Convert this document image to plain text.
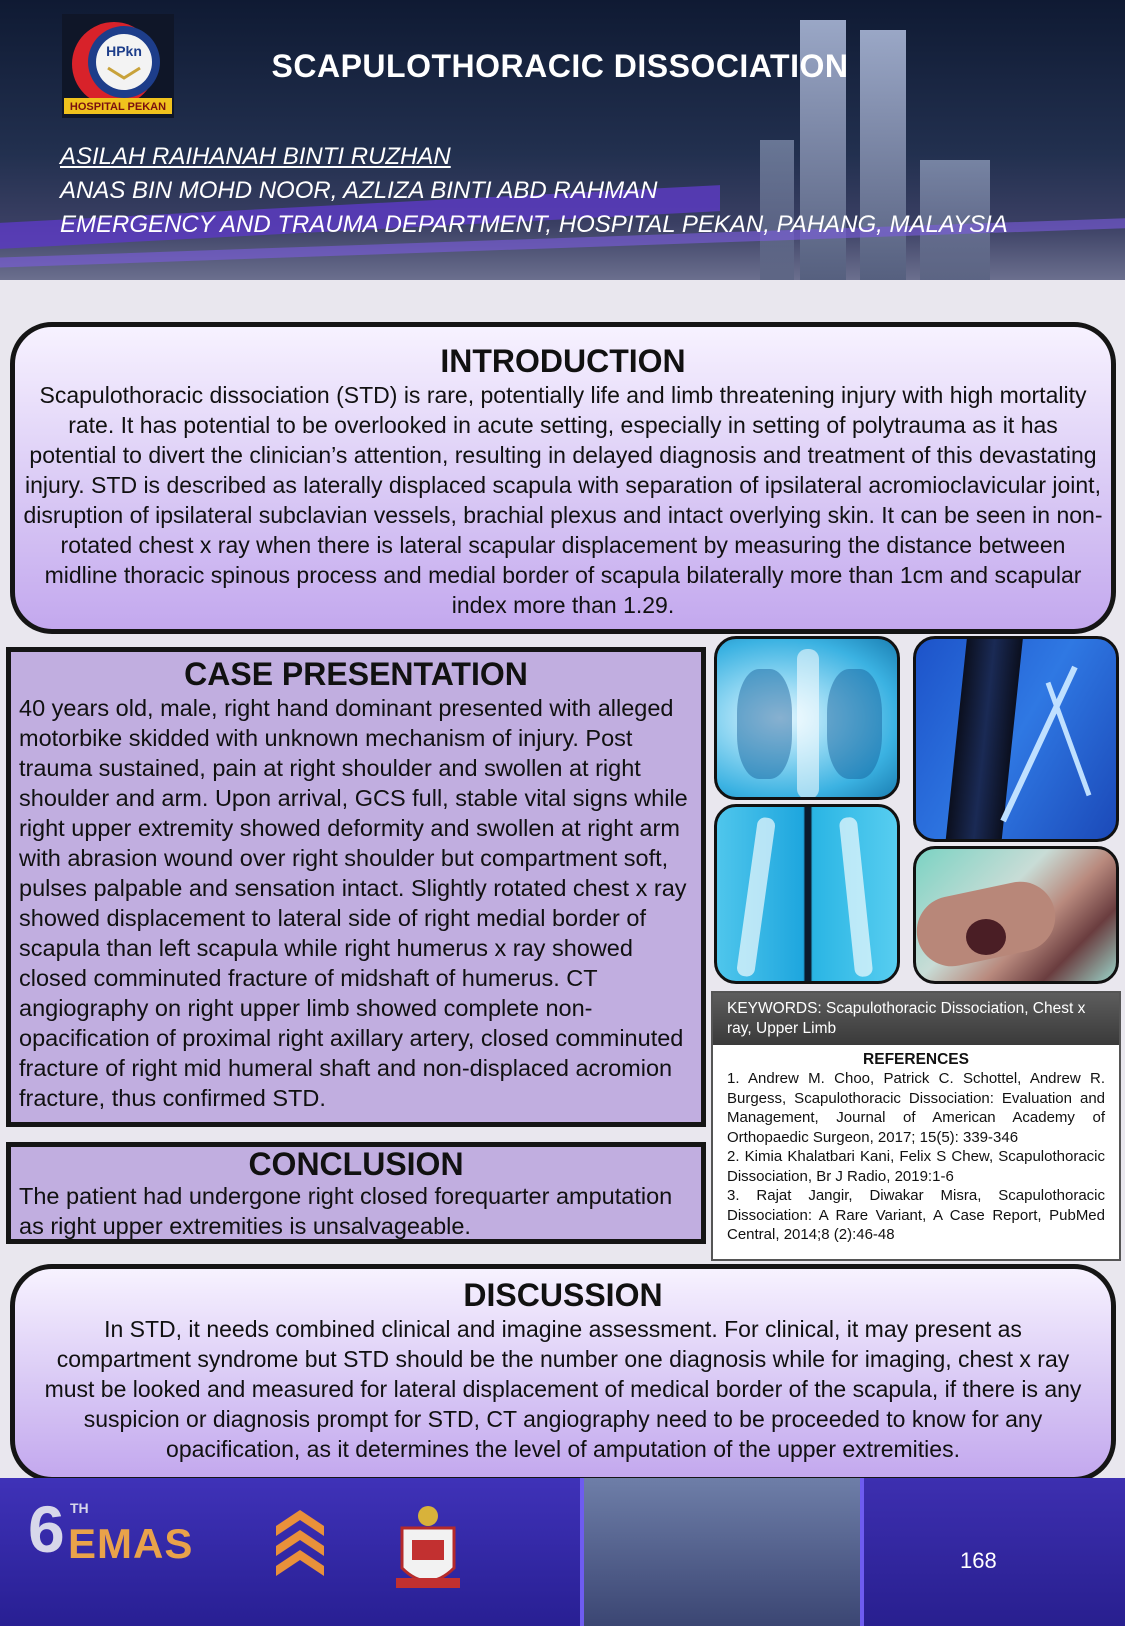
HPkn
HOSPITAL PEKAN
SCAPULOTHORACIC DISSOCIATION
ASILAH RAIHANAH BINTI RUZHAN
ANAS BIN MOHD NOOR, AZLIZA BINTI ABD RAHMAN
EMERGENCY AND TRAUMA DEPARTMENT, HOSPITAL PEKAN, PAHANG, MALAYSIA
INTRODUCTION

Scapulothoracic dissociation (STD) is rare, potentially life and limb threatening injury with high mortality rate. It has potential to be overlooked in acute setting, especially in setting of polytrauma as it has potential to divert the clinician’s attention, resulting in delayed diagnosis and treatment of this devastating injury. STD is described as laterally displaced scapula with separation of ipsilateral acromioclavicular joint, disruption of ipsilateral subclavian vessels, brachial plexus and intact overlying skin. It can be seen in non-rotated chest x ray when there is lateral scapular displacement by measuring the distance between midline thoracic spinous process and medial border of scapula bilaterally more than 1cm and scapular index more than 1.29.

CASE PRESENTATION

40 years old, male, right hand dominant presented with alleged motorbike skidded with unknown mechanism of injury. Post trauma sustained, pain at right shoulder and swollen at right shoulder and arm. Upon arrival, GCS full, stable vital signs while right upper extremity showed deformity and swollen at right arm with abrasion wound over right shoulder but compartment soft, pulses palpable and sensation intact. Slightly rotated chest x ray showed displacement to lateral side of right medial border of scapula than left scapula while right humerus x ray showed closed comminuted fracture of midshaft of humerus. CT angiography on right upper limb showed complete non-opacification of proximal right axillary artery, closed comminuted fracture of right mid humeral shaft and non-displaced acromion fracture, thus confirmed STD.

CONCLUSION

The patient had undergone right closed forequarter amputation as right upper extremities is unsalvageable.

KEYWORDS: Scapulothoracic Dissociation, Chest x ray, Upper Limb
REFERENCES
1. Andrew M. Choo, Patrick C. Schottel, Andrew R. Burgess, Scapulothoracic Dissociation: Evaluation and Management, Journal of American Academy of Orthopaedic Surgeon, 2017; 15(5): 339-346
2. Kimia Khalatbari Kani, Felix S Chew, Scapulothoracic Dissociation, Br J Radio, 2019:1-6
3. Rajat Jangir, Diwakar Misra, Scapulothoracic Dissociation: A Rare Variant, A Case Report, PubMed Central, 2014;8 (2):46-48
DISCUSSION

In STD, it needs combined clinical and imagine assessment. For clinical, it may present as compartment syndrome but STD should be the number one diagnosis while for imaging, chest x ray must be looked and measured for lateral displacement of medical border of the scapula, if there is any suspicion or diagnosis prompt for STD, CT angiography need to be proceeded to know for any opacification, as it determines the level of amputation of the upper extremities.

6 TH
EMAS	168
